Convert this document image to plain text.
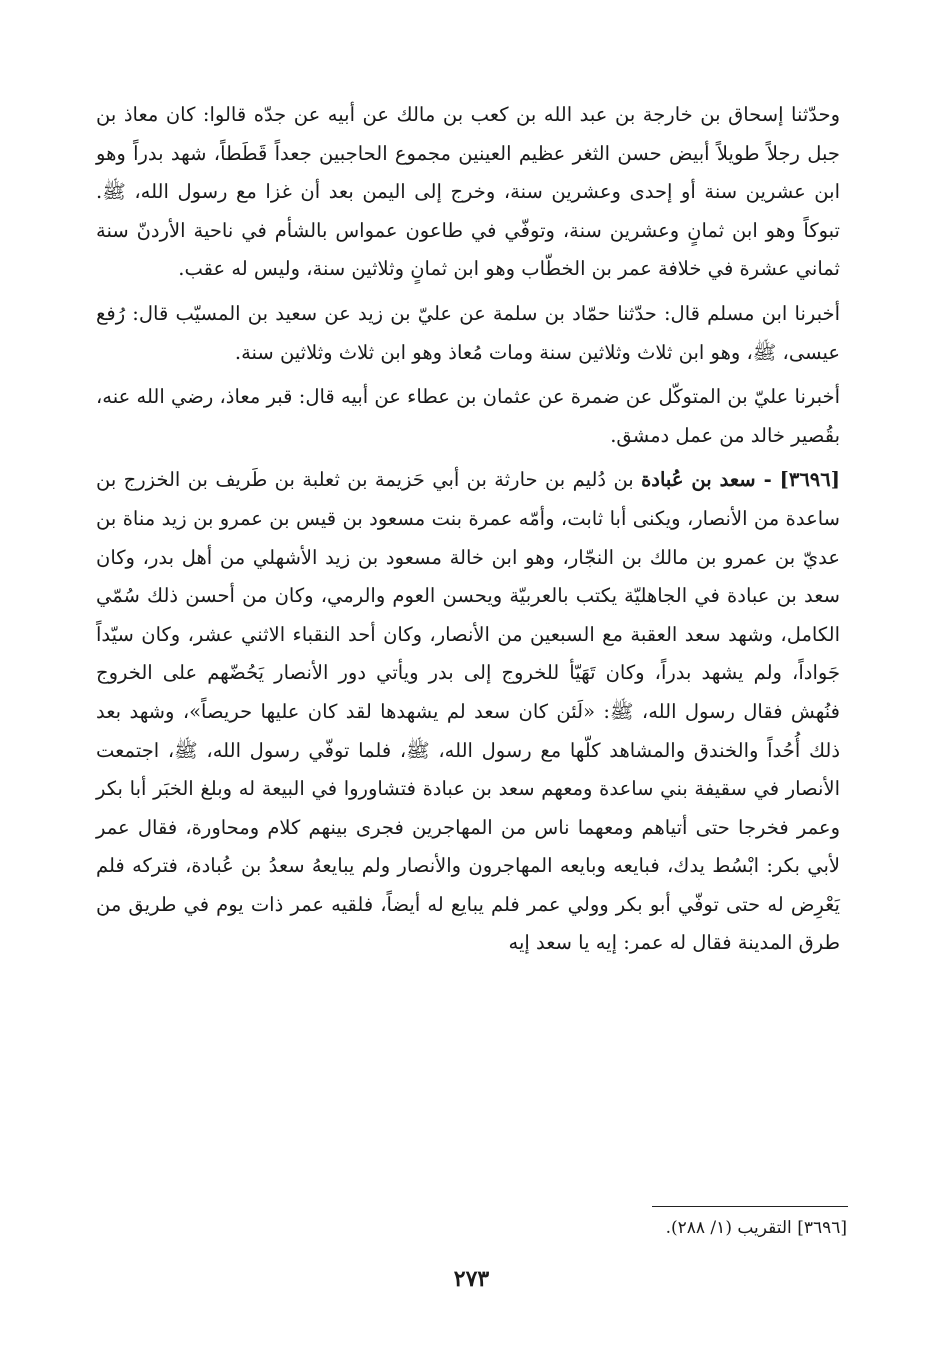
وحدّثنا إسحاق بن خارجة بن عبد الله بن كعب بن مالك عن أبيه عن جدّه قالوا: كان معاذ بن جبل رجلاً طويلاً أبيض حسن الثغر عظيم العينين مجموع الحاجبين جعداً قَطَطاً، شهد بدراً وهو ابن عشرين سنة أو إحدى وعشرين سنة، وخرج إلى اليمن بعد أن غزا مع رسول الله، ﷺ. تبوكاً وهو ابن ثمانٍ وعشرين سنة، وتوفّي في طاعون عمواس بالشأم في ناحية الأردنّ سنة ثماني عشرة في خلافة عمر بن الخطّاب وهو ابن ثمانٍ وثلاثين سنة، وليس له عقب.

أخبرنا ابن مسلم قال: حدّثنا حمّاد بن سلمة عن عليّ بن زيد عن سعيد بن المسيّب قال: رُفع عيسى، ﷺ، وهو ابن ثلاث وثلاثين سنة ومات مُعاذ وهو ابن ثلاث وثلاثين سنة.

أخبرنا عليّ بن المتوكّل عن ضمرة عن عثمان بن عطاء عن أبيه قال: قبر معاذ، رضي الله عنه، بقُصير خالد من عمل دمشق.

[٣٦٩٦] - سعد بن عُبادة بن دُليم بن حارثة بن أبي حَزيمة بن ثعلبة بن طَريف بن الخزرج بن ساعدة من الأنصار، ويكنى أبا ثابت، وأمّه عمرة بنت مسعود بن قيس بن عمرو بن زيد مناة بن عديّ بن عمرو بن مالك بن النجّار، وهو ابن خالة مسعود بن زيد الأشهلي من أهل بدر، وكان سعد بن عبادة في الجاهليّة يكتب بالعربيّة ويحسن العوم والرمي، وكان من أحسن ذلك سُمّي الكامل، وشهد سعد العقبة مع السبعين من الأنصار، وكان أحد النقباء الاثني عشر، وكان سيّداً جَواداً، ولم يشهد بدراً، وكان تَهَيّأ للخروج إلى بدر ويأتي دور الأنصار يَحُضّهم على الخروج فنُهش فقال رسول الله، ﷺ: «لَئن كان سعد لم يشهدها لقد كان عليها حريصاً»، وشهد بعد ذلك أُحُداً والخندق والمشاهد كلّها مع رسول الله، ﷺ، فلما توفّي رسول الله، ﷺ، اجتمعت الأنصار في سقيفة بني ساعدة ومعهم سعد بن عبادة فتشاوروا في البيعة له وبلغ الخبَر أبا بكر وعمر فخرجا حتى أتياهم ومعهما ناس من المهاجرين فجرى بينهم كلام ومحاورة، فقال عمر لأبي بكر: ابْسُط يدك، فبايعه وبايعه المهاجرون والأنصار ولم يبايعهُ سعدُ بن عُبادة، فتركه فلم يَعْرِض له حتى توفّي أبو بكر وولي عمر فلم يبايع له أيضاً، فلقيه عمر ذات يوم في طريق من طرق المدينة فقال له عمر: إيه يا سعد إيه

[٣٦٩٦] التقريب (١/ ٢٨٨).
٢٧٣
